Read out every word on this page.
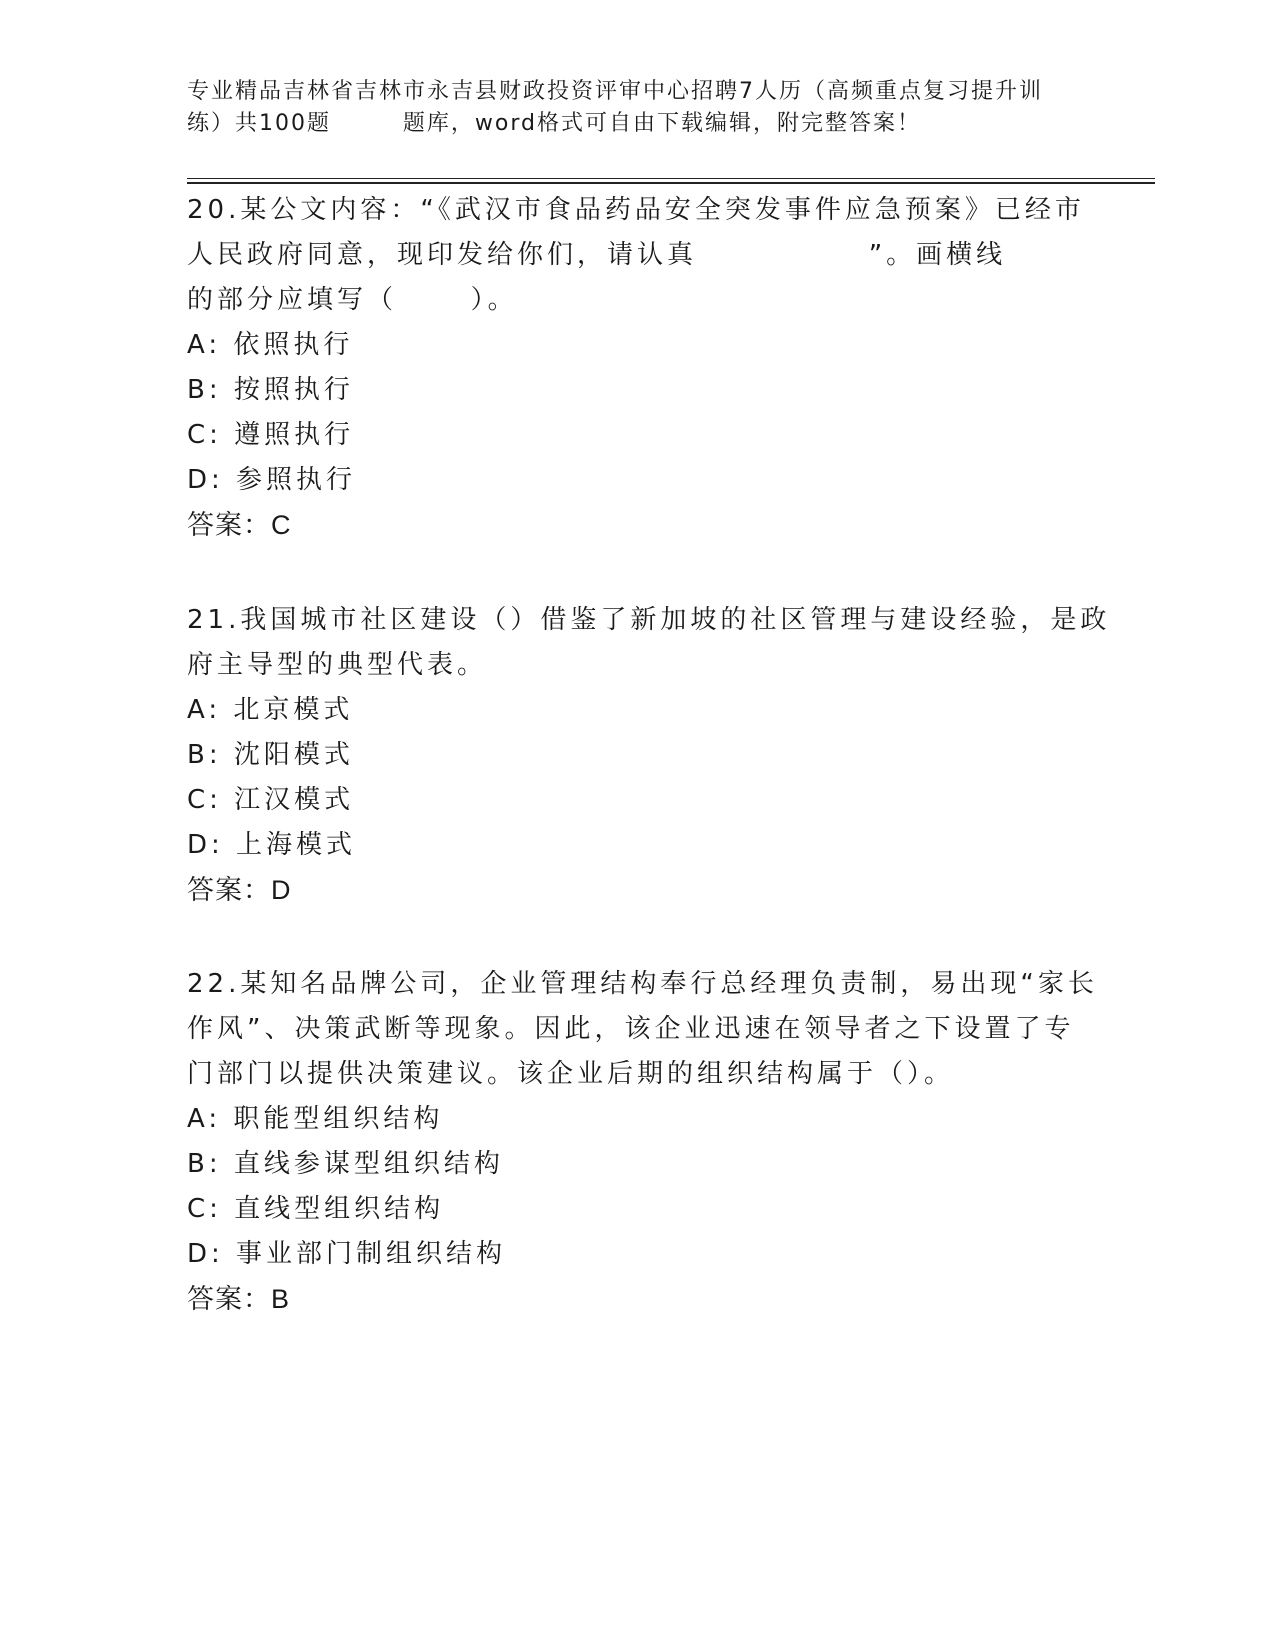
专业精品吉林省吉林市永吉县财政投资评审中心招聘7人历（高频重点复习提升训
练）共100题        题库，word格式可自由下载编辑，附完整答案！
20.某公文内容：“《武汉市食品药品安全突发事件应急预案》已经市
人民政府同意，现印发给你们，请认真              ”。画横线
的部分应填写（      ）。
A: 依照执行
B: 按照执行
C: 遵照执行
D: 参照执行
答案：C
21.我国城市社区建设（）借鉴了新加坡的社区管理与建设经验，是政
府主导型的典型代表。
A: 北京模式
B: 沈阳模式
C: 江汉模式
D: 上海模式
答案：D
22.某知名品牌公司，企业管理结构奉行总经理负责制，易出现“家长
作风”、决策武断等现象。因此，该企业迅速在领导者之下设置了专
门部门以提供决策建议。该企业后期的组织结构属于（）。
A: 职能型组织结构
B: 直线参谋型组织结构
C: 直线型组织结构
D: 事业部门制组织结构
答案：B
